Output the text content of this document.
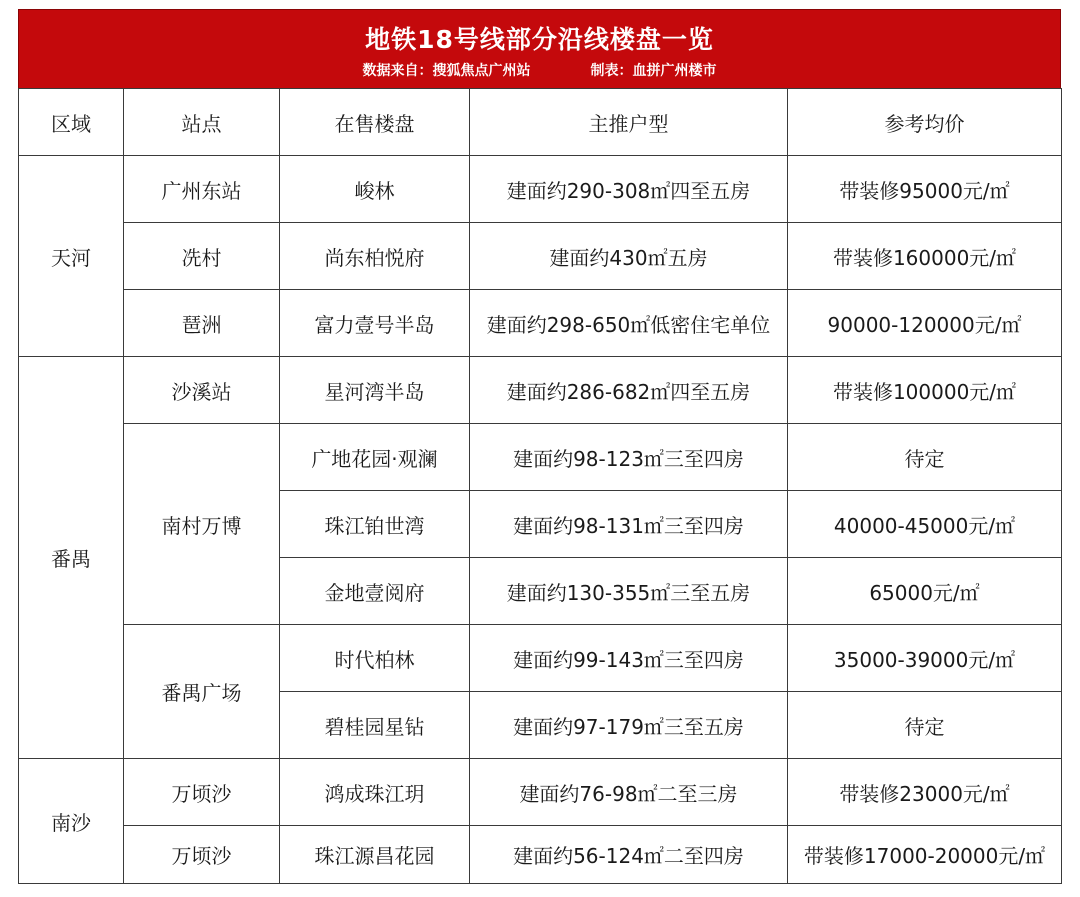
地铁18号线部分沿线楼盘一览
数据来自：搜狐焦点广州站	制表：血拼广州楼市
区域	站点	在售楼盘	主推户型	参考均价
天河	广州东站	峻林	建面约290-308㎡四至五房	带装修95000元/㎡
	冼村	尚东柏悦府	建面约430㎡五房	带装修160000元/㎡
	琶洲	富力壹号半岛	建面约298-650㎡低密住宅单位	90000-120000元/㎡
番禺	沙溪站	星河湾半岛	建面约286-682㎡四至五房	带装修100000元/㎡
	南村万博	广地花园·观澜	建面约98-123㎡三至四房	待定
		珠江铂世湾	建面约98-131㎡三至四房	40000-45000元/㎡
		金地壹阅府	建面约130-355㎡三至五房	65000元/㎡
	番禺广场	时代柏林	建面约99-143㎡三至四房	35000-39000元/㎡
		碧桂园星钻	建面约97-179㎡三至五房	待定
南沙	万顷沙	鸿成珠江玥	建面约76-98㎡二至三房	带装修23000元/㎡
	万顷沙	珠江源昌花园	建面约56-124㎡二至四房	带装修17000-20000元/㎡
